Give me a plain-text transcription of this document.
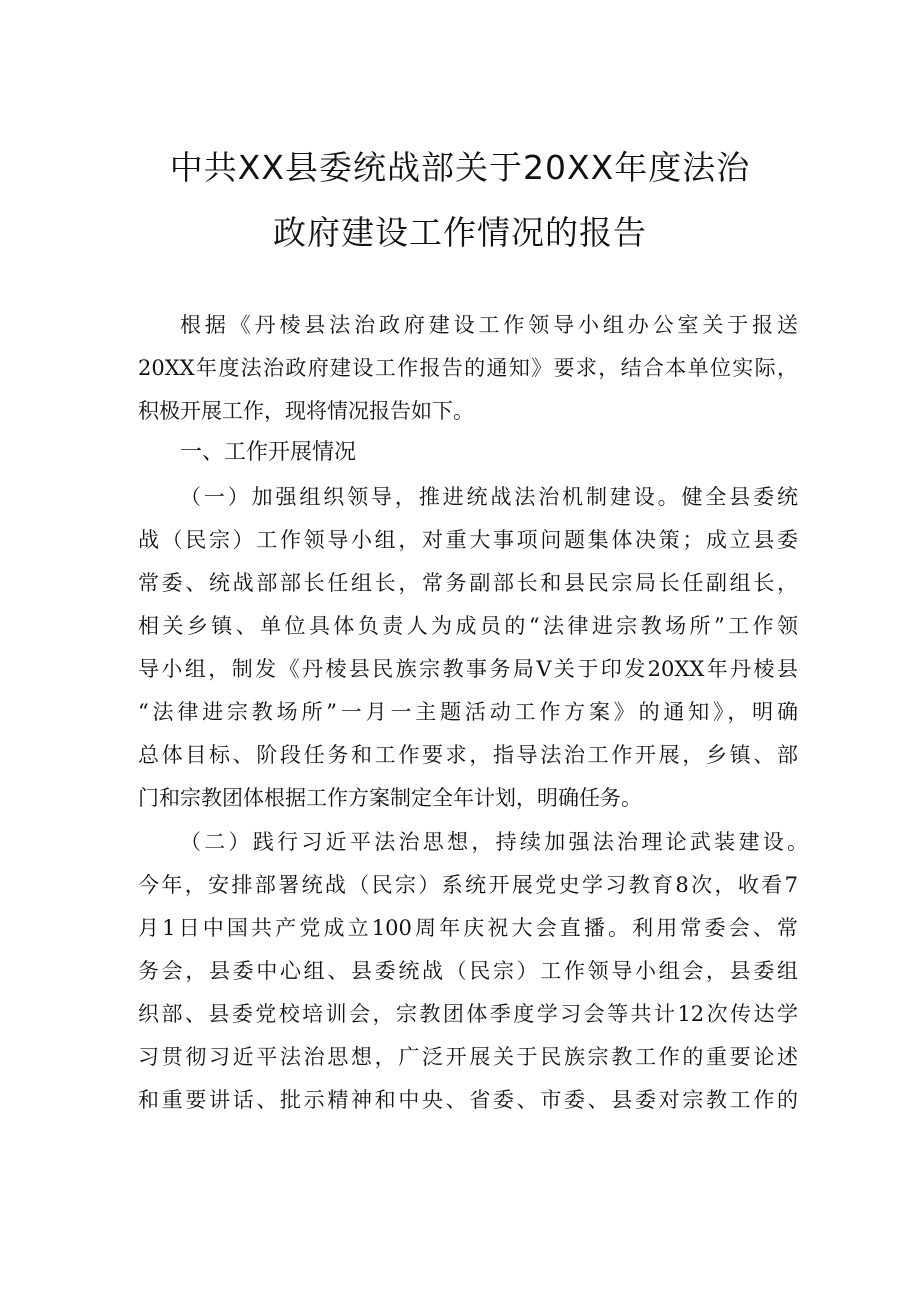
中共XX县委统战部关于20XX年度法治
政府建设工作情况的报告
根据《丹棱县法治政府建设工作领导小组办公室关于报送
20XX年度法治政府建设工作报告的通知》要求，结合本单位实际，
积极开展工作，现将情况报告如下。
一、工作开展情况
（一）加强组织领导，推进统战法治机制建设。健全县委统
战（民宗）工作领导小组，对重大事项问题集体决策；成立县委
常委、统战部部长任组长，常务副部长和县民宗局长任副组长，
相关乡镇、单位具体负责人为成员的“法律进宗教场所”工作领
导小组，制发《丹棱县民族宗教事务局V关于印发20XX年丹棱县
“法律进宗教场所”一月一主题活动工作方案》的通知》，明确
总体目标、阶段任务和工作要求，指导法治工作开展，乡镇、部
门和宗教团体根据工作方案制定全年计划，明确任务。
（二）践行习近平法治思想，持续加强法治理论武装建设。
今年，安排部署统战（民宗）系统开展党史学习教育8次，收看7
月1日中国共产党成立100周年庆祝大会直播。利用常委会、常
务会，县委中心组、县委统战（民宗）工作领导小组会，县委组
织部、县委党校培训会，宗教团体季度学习会等共计12次传达学
习贯彻习近平法治思想，广泛开展关于民族宗教工作的重要论述
和重要讲话、批示精神和中央、省委、市委、县委对宗教工作的
